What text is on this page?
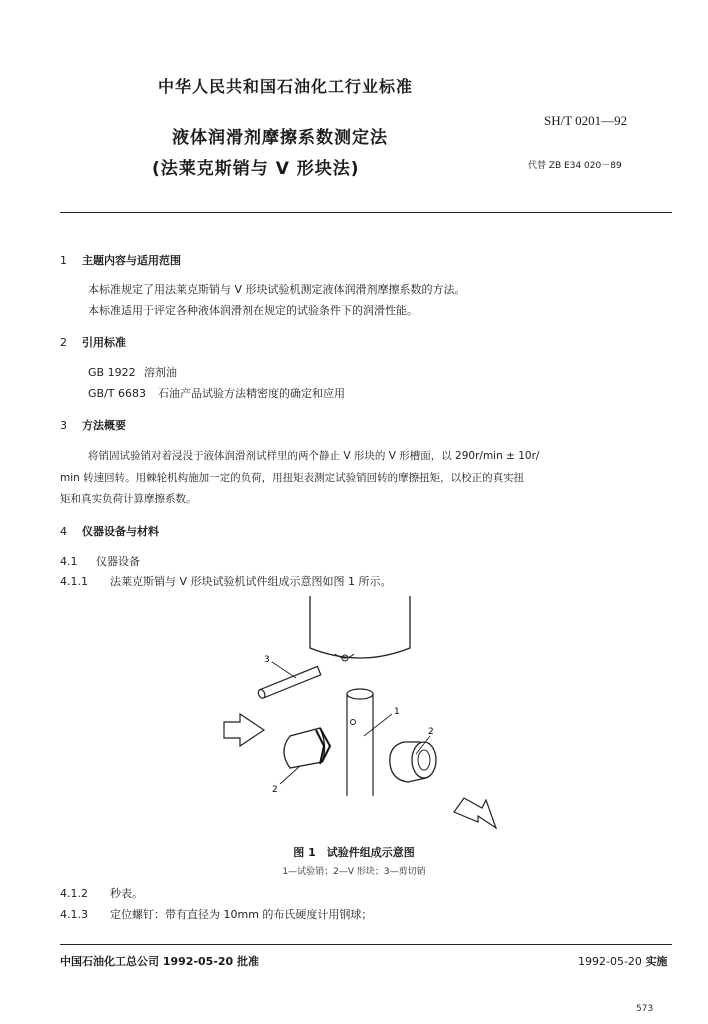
中华人民共和国石油化工行业标准
SH/T 0201—92
液体润滑剂摩擦系数测定法
(法莱克斯销与 V 形块法)	代替 ZB E34 020－89
1 主题内容与适用范围
本标准规定了用法莱克斯销与 V 形块试验机测定液体润滑剂摩擦系数的方法。
本标准适用于评定各种液体润滑剂在规定的试验条件下的润滑性能。
2 引用标准
GB 1922 溶剂油
GB/T 6683 石油产品试验方法精密度的确定和应用
3 方法概要
将销固试验销对着浸没于液体润滑剂试样里的两个静止 V 形块的 V 形槽面，以 290r/min ± 10r/
min 转速回转。用棘轮机构施加一定的负荷，用扭矩表测定试验销回转的摩擦扭矩，以校正的真实扭
矩和真实负荷计算摩擦系数。
4 仪器设备与材料
4.1 仪器设备
4.1.1 法莱克斯销与 V 形块试验机试件组成示意图如图 1 所示。
3
1
2
2
图 1　试验件组成示意图
1—试验销；2—V 形块；3—剪切销
4.1.2 秒表。
4.1.3 定位螺钉：带有直径为 10mm 的布氏硬度计用钢球；
中国石油化工总公司 1992-05-20 批准	1992-05-20 实施
573
